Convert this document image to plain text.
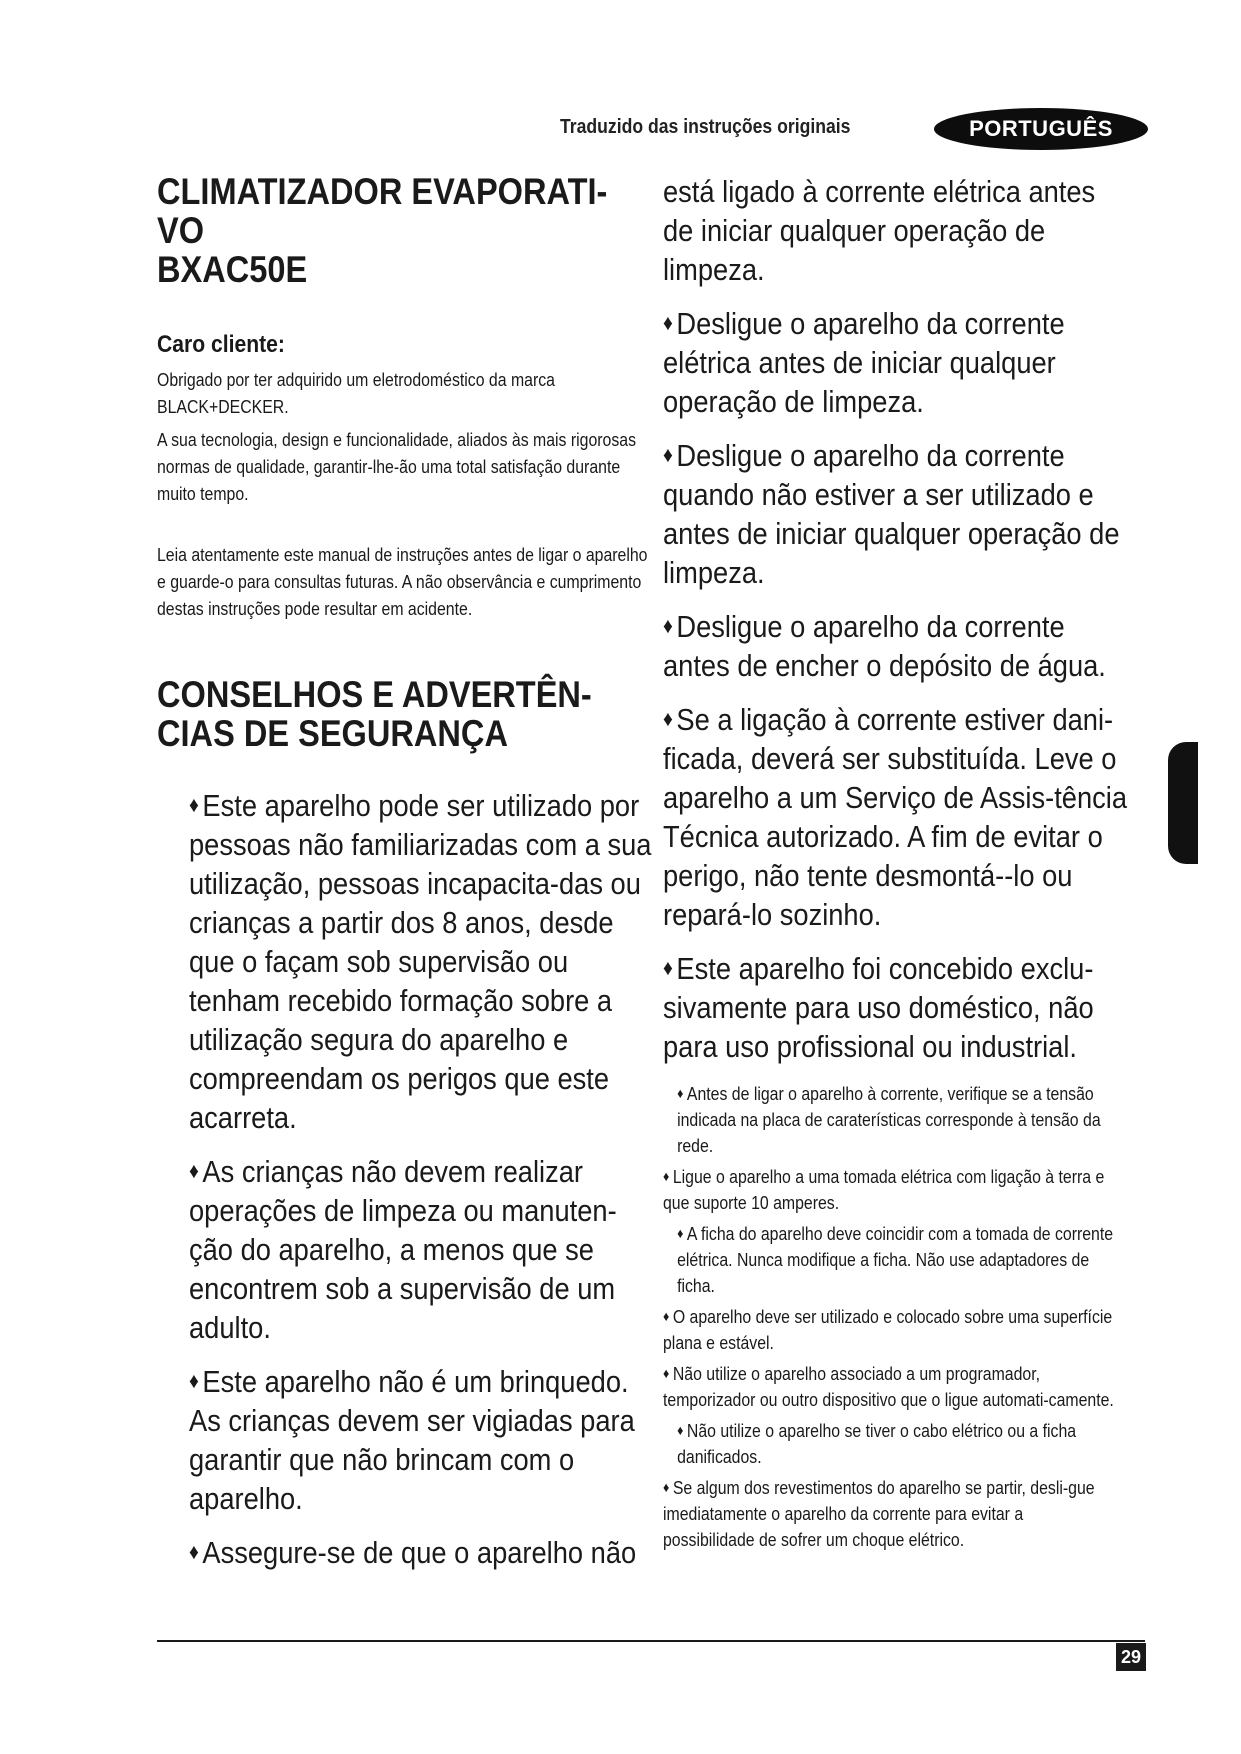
Traduzido das instruções originais	PORTUGUÊS
CLIMATIZADOR EVAPORATI-
VO
BXAC50E
Caro cliente:

Obrigado por ter adquirido um eletrodoméstico da marca BLACK+DECKER.

A sua tecnologia, design e funcionalidade, aliados às mais rigorosas normas de qualidade, garantir-lhe-ão uma total satisfação durante muito tempo.

Leia atentamente este manual de instruções antes de ligar o aparelho e guarde-o para consultas futuras. A não observância e cumprimento destas instruções pode resultar em acidente.

CONSELHOS E ADVERTÊN-
CIAS DE SEGURANÇA
♦ Este aparelho pode ser utilizado por pessoas não familiarizadas com a sua utilização, pessoas incapacita-das ou crianças a partir dos 8 anos, desde que o façam sob supervisão ou tenham recebido formação sobre a utilização segura do aparelho e compreendam os perigos que este acarreta.
♦ As crianças não devem realizar operações de limpeza ou manuten-ção do aparelho, a menos que se encontrem sob a supervisão de um adulto.
♦ Este aparelho não é um brinquedo. As crianças devem ser vigiadas para garantir que não brincam com o aparelho.
♦ Assegure-se de que o aparelho não

está ligado à corrente elétrica antes de iniciar qualquer operação de limpeza.

♦ Desligue o aparelho da corrente elétrica antes de iniciar qualquer operação de limpeza.

♦ Desligue o aparelho da corrente quando não estiver a ser utilizado e antes de iniciar qualquer operação de limpeza.

♦ Desligue o aparelho da corrente antes de encher o depósito de água.

♦ Se a ligação à corrente estiver dani-ficada, deverá ser substituída. Leve o aparelho a um Serviço de Assis-tência Técnica autorizado. A fim de evitar o perigo, não tente desmontá--lo ou repará-lo sozinho.

♦ Este aparelho foi concebido exclu-sivamente para uso doméstico, não para uso profissional ou industrial.

♦ Antes de ligar o aparelho à corrente, verifique se a tensão indicada na placa de caraterísticas corresponde à tensão da rede.
♦ Ligue o aparelho a uma tomada elétrica com ligação à terra e que suporte 10 amperes.
♦ A ficha do aparelho deve coincidir com a tomada de corrente elétrica. Nunca modifique a ficha. Não use adaptadores de ficha.
♦ O aparelho deve ser utilizado e colocado sobre uma superfície plana e estável.
♦ Não utilize o aparelho associado a um programador, temporizador ou outro dispositivo que o ligue automati-camente.
♦ Não utilize o aparelho se tiver o cabo elétrico ou a ficha danificados.
♦ Se algum dos revestimentos do aparelho se partir, desli-gue imediatamente o aparelho da corrente para evitar a possibilidade de sofrer um choque elétrico.
29
